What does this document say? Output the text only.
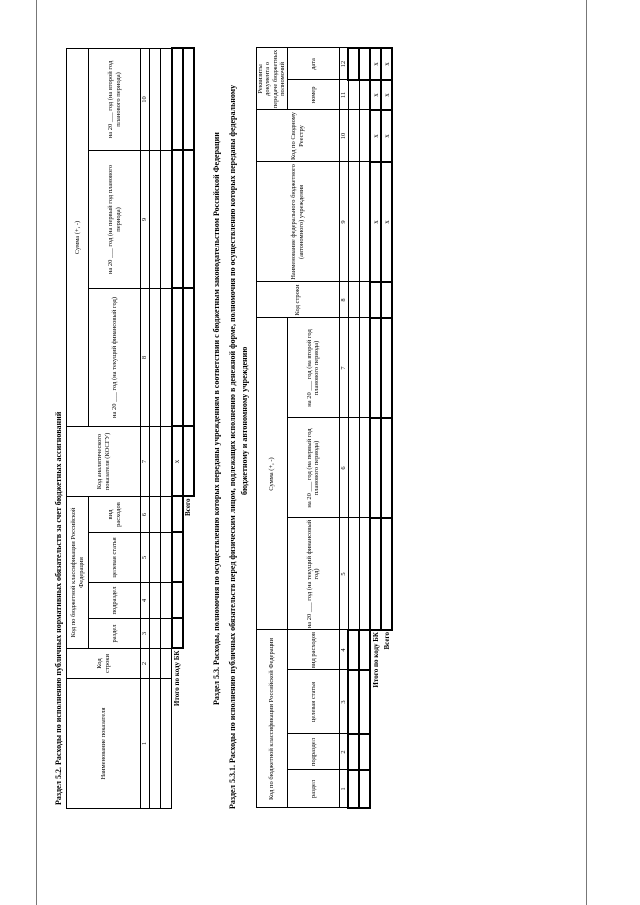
Раздел 5.2. Расходы по исполнению публичных нормативных обязательств за счет бюджетных ассигнований	Наименование показателя	Код строки	Код по бюджетной классификации Российской Федерации				Код аналитического показателя (КОСГУ)	Сумма (+, -)		
		раздел	подраздел	целевая статья	вид расходов		на 20 ___ год (на текущий финансовый год)	на 20 ___ год (на первый год планового периода)	на 20 ___ год (на второй год планового периода)

1	2	3	4	5	6	7	8	9	10

Итого по коду БК						х			
Всего									Раздел 5.3. Расходы, полномочия по осуществлению которых переданы учреждениям в соответствии с бюджетным законодательством Российской Федерации Раздел 5.3.1. Расходы по исполнению публичных обязательств перед физическим лицом, подлежащих исполнению в денежной форме, полномочия по осуществлению которых переданы федеральному бюджетному и автономному учреждению
Код по бюджетной классификации Российской Федерации				Сумма (+, -)			Код строки	Наименование федерального бюджетного (автономного) учреждения	Код по Сводному Реестру	Реквизиты документа о передаче бюджетных полномочий	
раздел	подраздел	целевая статья	вид расходов	на 20 ___ год (на текущий финансовый год)	на 20 ___ год (на первый год планового периода)	на 20 ___ год (на второй год планового периода)				номер	дата

1	2	3	4	5	6	7	8	9	10	11	12

Итого по коду БК								х	х	х	х
Всего								х	х	х	х
